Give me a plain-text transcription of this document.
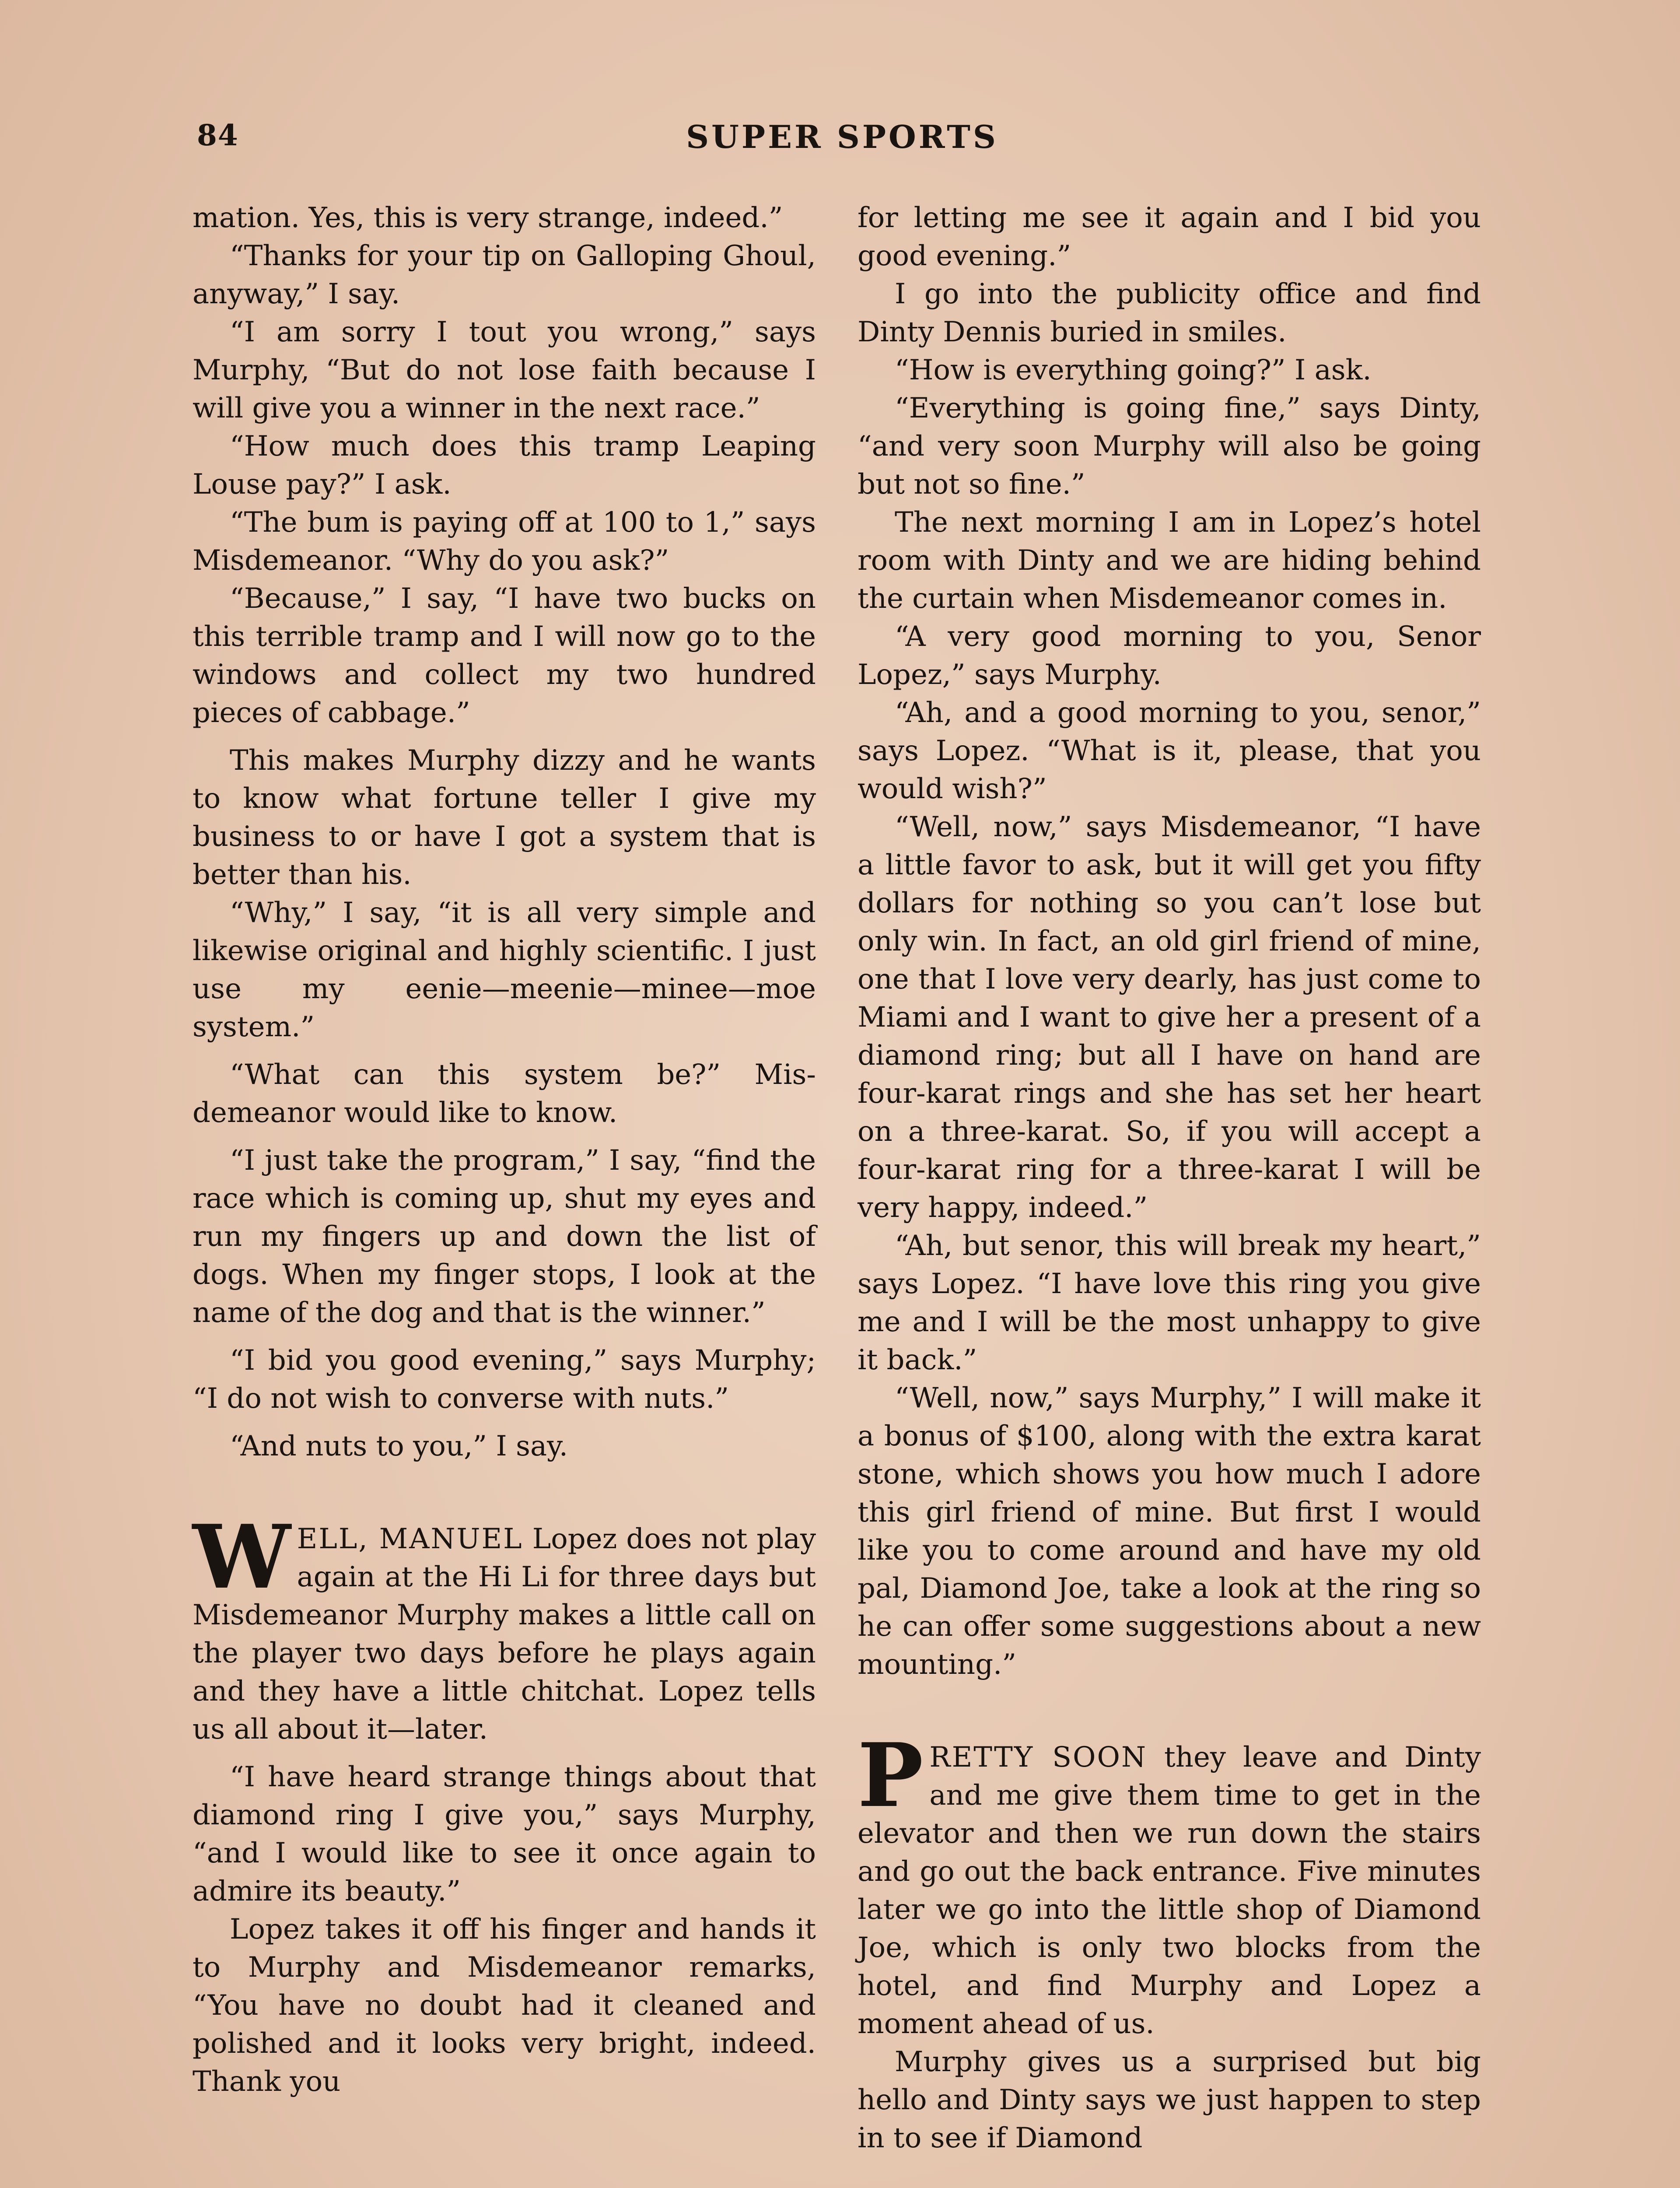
84	SUPER SPORTS

mation. Yes, this is very strange, indeed.”

“Thanks for your tip on Galloping Ghoul, anyway,” I say.

“I am sorry I tout you wrong,” says Murphy, “But do not lose faith because I will give you a winner in the next race.”

“How much does this tramp Leaping Louse pay?” I ask.

“The bum is paying off at 100 to 1,” says Misdemeanor. “Why do you ask?”

“Because,” I say, “I have two bucks on this terrible tramp and I will now go to the windows and collect my two hundred pieces of cabbage.”

This makes Murphy dizzy and he wants to know what fortune teller I give my business to or have I got a system that is better than his.

“Why,” I say, “it is all very simple and likewise original and highly scientific. I just use my eenie—meenie—minee—moe system.”

“What can this system be?” Misdemeanor would like to know.

“I just take the program,” I say, “find the race which is coming up, shut my eyes and run my fingers up and down the list of dogs. When my finger stops, I look at the name of the dog and that is the winner.”

“I bid you good evening,” says Murphy; “I do not wish to converse with nuts.”

“And nuts to you,” I say.

WELL, MANUEL Lopez does not play again at the Hi Li for three days but Misdemeanor Murphy makes a little call on the player two days before he plays again and they have a little chitchat. Lopez tells us all about it—later.

“I have heard strange things about that diamond ring I give you,” says Murphy, “and I would like to see it once again to admire its beauty.”

Lopez takes it off his finger and hands it to Murphy and Misdemeanor remarks, “You have no doubt had it cleaned and polished and it looks very bright, indeed. Thank you

for letting me see it again and I bid you good evening.”

I go into the publicity office and find Dinty Dennis buried in smiles.

“How is everything going?” I ask.

“Everything is going fine,” says Dinty, “and very soon Murphy will also be going but not so fine.”

The next morning I am in Lopez’s hotel room with Dinty and we are hiding behind the curtain when Misdemeanor comes in.

“A very good morning to you, Senor Lopez,” says Murphy.

“Ah, and a good morning to you, senor,” says Lopez. “What is it, please, that you would wish?”

“Well, now,” says Misdemeanor, “I have a little favor to ask, but it will get you fifty dollars for nothing so you can’t lose but only win. In fact, an old girl friend of mine, one that I love very dearly, has just come to Miami and I want to give her a present of a diamond ring; but all I have on hand are four-karat rings and she has set her heart on a three-karat. So, if you will accept a four-karat ring for a three-karat I will be very happy, indeed.”

“Ah, but senor, this will break my heart,” says Lopez. “I have love this ring you give me and I will be the most unhappy to give it back.”

“Well, now,” says Murphy,” I will make it a bonus of $100, along with the extra karat stone, which shows you how much I adore this girl friend of mine. But first I would like you to come around and have my old pal, Diamond Joe, take a look at the ring so he can offer some suggestions about a new mounting.”

PRETTY SOON they leave and Dinty and me give them time to get in the elevator and then we run down the stairs and go out the back entrance. Five minutes later we go into the little shop of Diamond Joe, which is only two blocks from the hotel, and find Murphy and Lopez a moment ahead of us.

Murphy gives us a surprised but big hello and Dinty says we just happen to step in to see if Diamond
